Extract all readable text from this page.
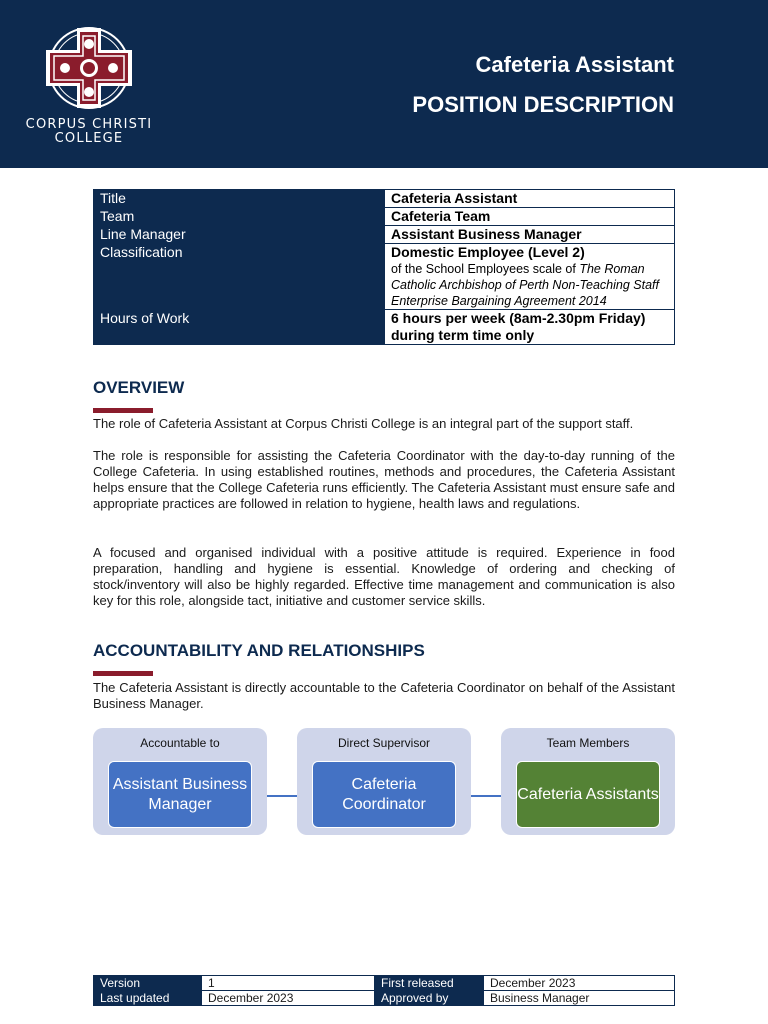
CORPUS CHRISTI
COLLEGE
Cafeteria Assistant
POSITION DESCRIPTION
Title	Cafeteria Assistant
Team	Cafeteria Team
Line Manager	Assistant Business Manager
Classification	Domestic Employee (Level 2)
of the School Employees scale of The Roman Catholic Archbishop of Perth Non-Teaching Staff Enterprise Bargaining Agreement 2014

Hours of Work	6 hours per week (8am-2.30pm Friday) during term time only
OVERVIEW
The role of Cafeteria Assistant at Corpus Christi College is an integral part of the support staff.
The role is responsible for assisting the Cafeteria Coordinator with the day-to-day running of the College Cafeteria. In using established routines, methods and procedures, the Cafeteria Assistant helps ensure that the College Cafeteria runs efficiently. The Cafeteria Assistant must ensure safe and appropriate practices are followed in relation to hygiene, health laws and regulations.
A focused and organised individual with a positive attitude is required. Experience in food preparation, handling and hygiene is essential. Knowledge of ordering and checking of stock/inventory will also be highly regarded. Effective time management and communication is also key for this role, alongside tact, initiative and customer service skills.
ACCOUNTABILITY AND RELATIONSHIPS
The Cafeteria Assistant is directly accountable to the Cafeteria Coordinator on behalf of the Assistant Business Manager.
Accountable to
Assistant Business Manager
Direct Supervisor
Cafeteria Coordinator
Team Members
Cafeteria Assistants
Version	1	First released	December 2023
Last updated	December 2023	Approved by	Business Manager
